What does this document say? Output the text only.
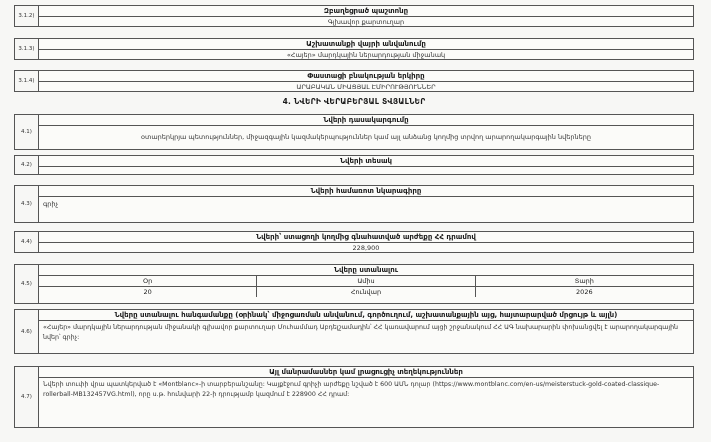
3.1.2)
Զբաղեցրած պաշտոնը
Գլխավոր քարտուղար
3.1.3)
Աշխատանքի վայրի անվանումը
«Հայեր» մարդկային ներարդության միջանակ
3.1.4)
Փաստացի բնակության երկիրը
ԱՐԱԲԱԿԱՆ ՄԻԱՑՅԱԼ ԷՄԻՐՈՒԹՅՈՒՆՆԵՐ
4. ՆՎԵՐԻ ՎԵՐԱԲԵՐՅԱԼ ՏՎՅԱԼՆԵՐ
4.1)
Նվերի դասակարգումը
օտարերկրյա պետություններ, միջազգային կազմակերպություններ կամ այլ անձանց կողմից տրվող արարողակարգային նվերները
4.2)	Նվերի տեսակ
4.3)
Նվերի համառոտ նկարագիրը
գրիչ
4.4)
Նվերի՝ ստացողի կողմից գնահատված արժեքը ՀՀ դրամով
228,900
4.5)
Նվերը ստանալու
Օր	Ամիս	Տարի
20	Հունվար	2026
4.6)
Նվերը ստանալու հանգամանքը (օրինակ՝ միջոցառման անվանում, գործուղում, աշխատանքային այց, հայտարարված մրցույթ և այլն)
«Հայեր» մարդկային ներարդության միջանակի գլխավոր քարտուղար Մուհամմադ Աբդելշամադին՝ ՀՀ կառավարում այցի շրջանակում ՀՀ ԱԳ նախարարին փոխանցվել է արարողակարգային նվեր՝ գրիչ:
4.7)
Այլ մանրամասներ կամ լրացուցիչ տեղեկություններ
Նվերի տուփի վրա պատկերված է «Montblanc»-ի տարբերանշանը: Կայքէջում գրիչի արժեքը նշված է 600 ԱՄՆ դոլար (https://www.montblanc.com/en-us/meisterstuck-gold-coated-classique-rollerball-MB132457VG.html), որը ս.թ. հունվարի 22-ի դրությամբ կազմում է 228900 ՀՀ դրամ:
